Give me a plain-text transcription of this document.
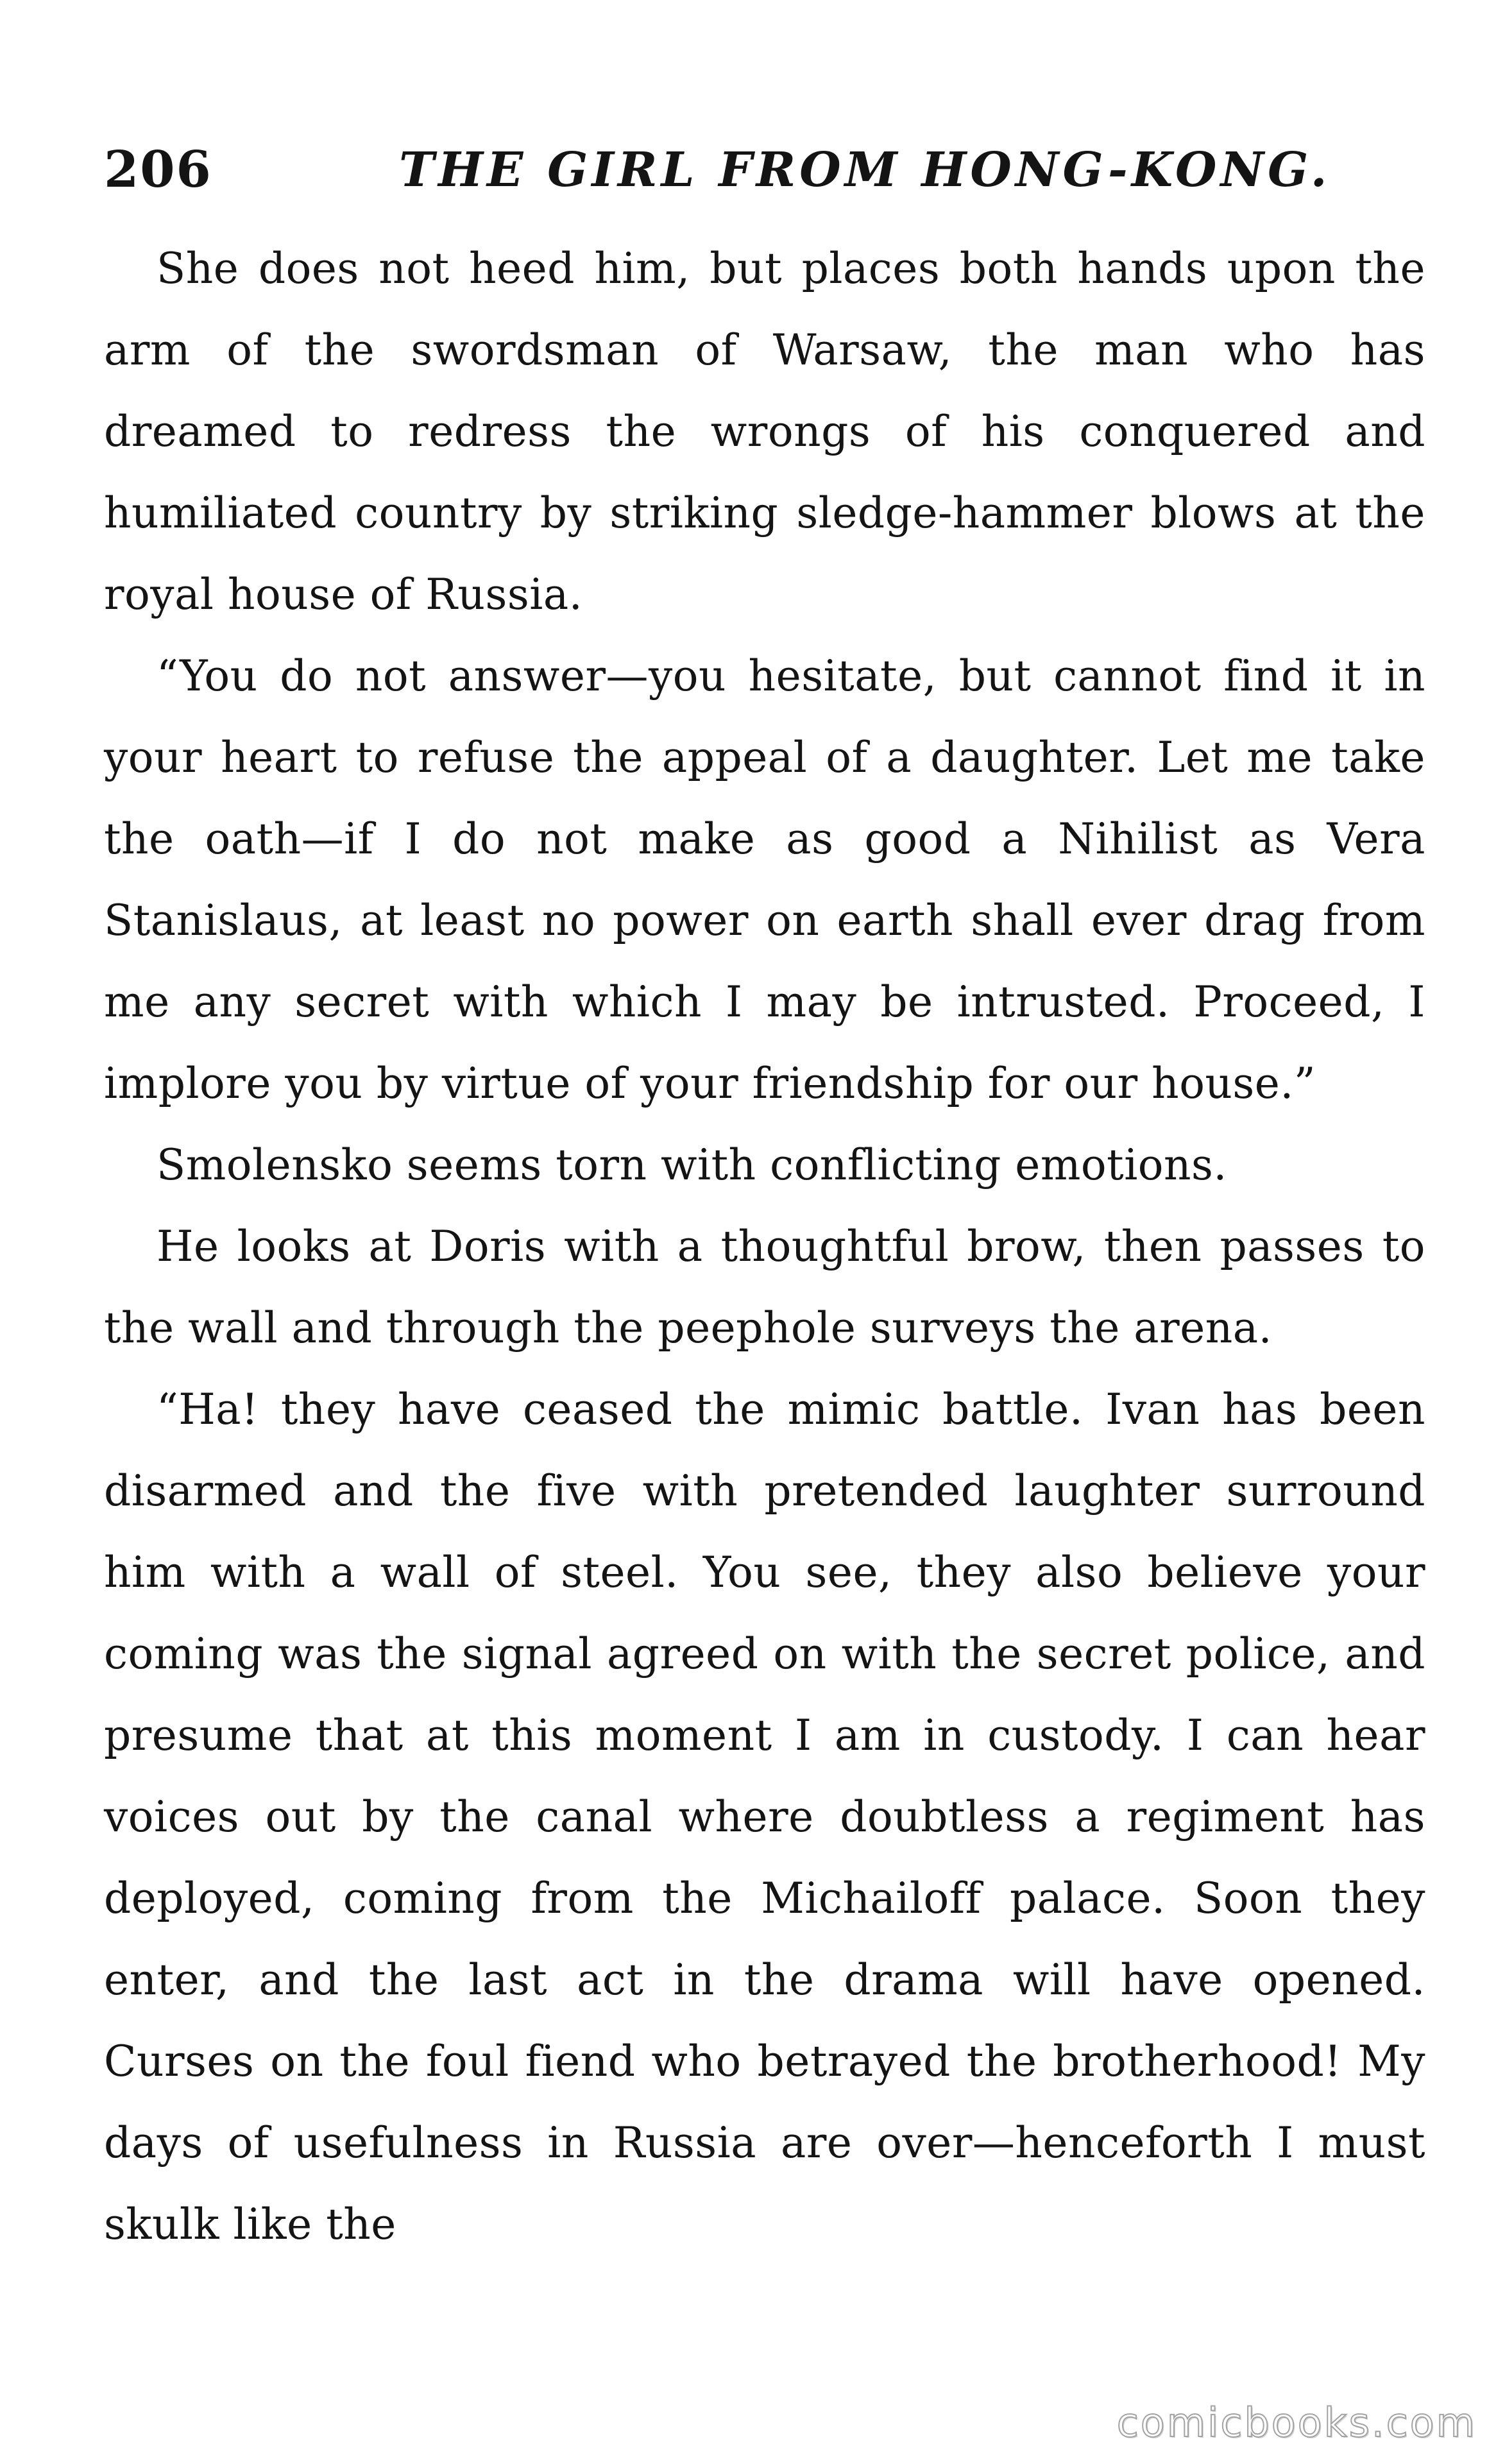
206	THE GIRL FROM HONG-KONG.

She does not heed him, but places both hands upon the arm of the swordsman of Warsaw, the man who has dreamed to redress the wrongs of his conquered and humiliated country by striking sledge-hammer blows at the royal house of Russia.

“You do not answer—you hesitate, but cannot find it in your heart to refuse the appeal of a daughter. Let me take the oath—if I do not make as good a Nihilist as Vera Stanislaus, at least no power on earth shall ever drag from me any secret with which I may be intrusted. Proceed, I implore you by virtue of your friendship for our house.”

Smolensko seems torn with conflicting emotions.

He looks at Doris with a thoughtful brow, then passes to the wall and through the peephole surveys the arena.

“Ha! they have ceased the mimic battle. Ivan has been disarmed and the five with pretended laughter surround him with a wall of steel. You see, they also believe your coming was the signal agreed on with the secret police, and presume that at this moment I am in custody. I can hear voices out by the canal where doubtless a regiment has deployed, coming from the Michailoff palace. Soon they enter, and the last act in the drama will have opened. Curses on the foul fiend who betrayed the brotherhood! My days of usefulness in Russia are over—henceforth I must skulk like the

comicbooks.com
